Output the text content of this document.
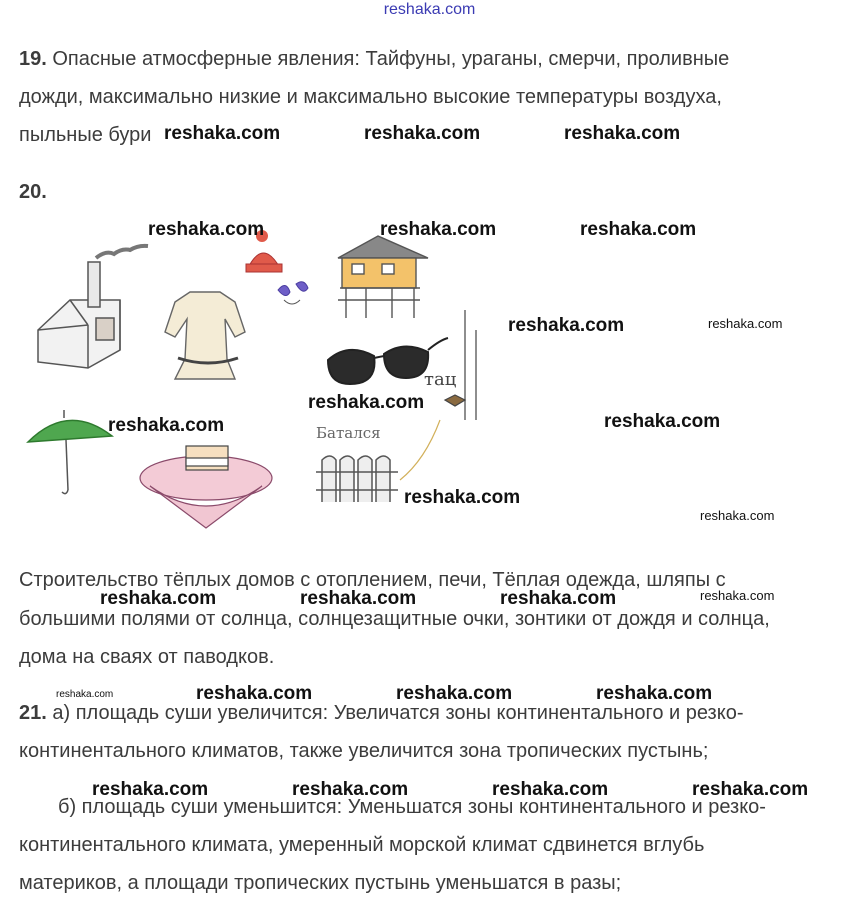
reshaka.com
19. Опасные атмосферные явления: Тайфуны, ураганы, смерчи, проливные
дожди, максимально низкие и максимально высокие температуры воздуха,
пыльные бури
20.
тац
Батался
Строительство тёплых домов с отоплением, печи, Тёплая одежда, шляпы с
большими полями от солнца, солнцезащитные очки, зонтики от дождя и солнца,
дома на сваях от паводков.
21. а) площадь суши увеличится: Увеличатся зоны континентального и резко-
континентального климатов, также увеличится зона тропических пустынь;
б) площадь суши уменьшится: Уменьшатся зоны континентального и резко-
континентального климата, умеренный морской климат сдвинется вглубь
материков, а площади тропических пустынь уменьшатся в разы;
reshaka.com	reshaka.com	reshaka.com
reshaka.com	reshaka.com	reshaka.com
reshaka.com	reshaka.com
reshaka.com
reshaka.com	reshaka.com
reshaka.com
reshaka.com
reshaka.com	reshaka.com	reshaka.com	reshaka.com
reshaka.com	reshaka.com	reshaka.com	reshaka.com
reshaka.com	reshaka.com	reshaka.com	reshaka.com
